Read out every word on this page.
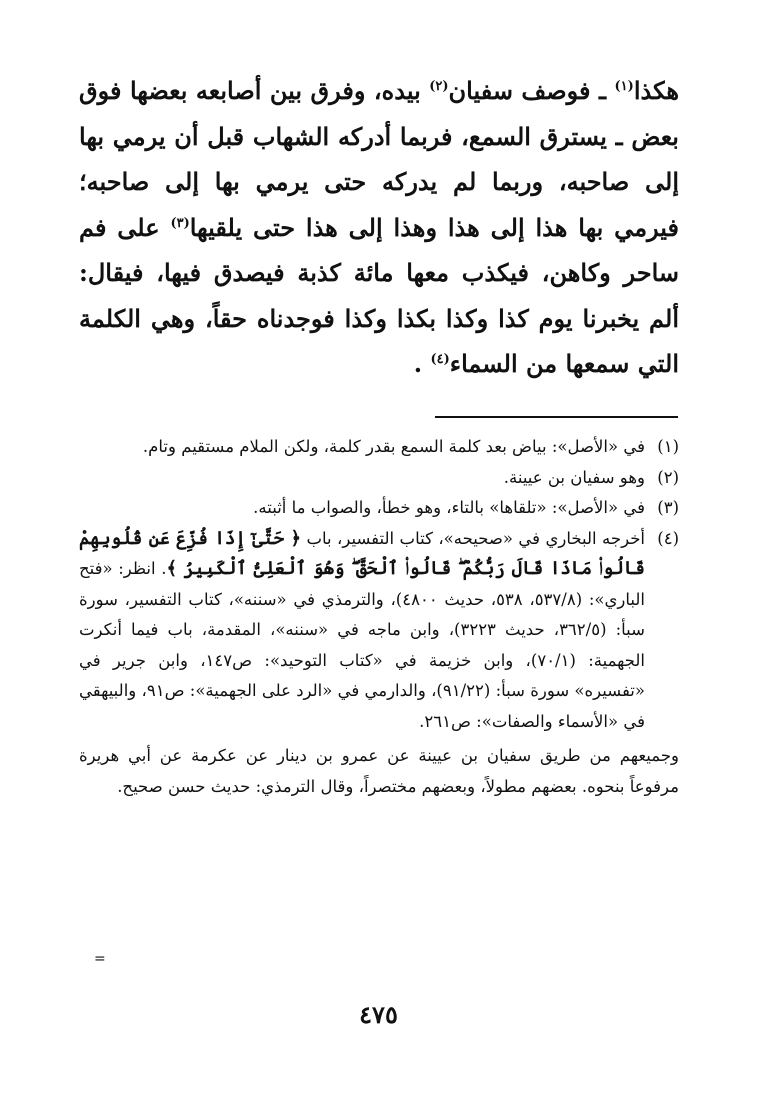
هكذا$^{(١)}$ ـ فوصف سفيان$^{(٢)}$ بيده، وفرق بين أصابعه بعضها فوق بعض ـ يسترق السمع، فربما أدركه الشهاب قبل أن يرمي بها إلى صاحبه، وربما لم يدركه حتى يرمي بها إلى صاحبه؛ فيرمي بها هذا إلى هذا وهذا إلى هذا حتى يلقيها$^{(٣)}$ على فم ساحر وكاهن، فيكذب معها مائة كذبة فيصدق فيها، فيقال: ألم يخبرنا يوم كذا وكذا بكذا وكذا فوجدناه حقاً، وهي الكلمة التي سمعها من السماء$^{(٤)}$ .

(١)

في «الأصل»: بياض بعد كلمة السمع بقدر كلمة، ولكن الملام مستقيم وتام.

(٢)

وهو سفيان بن عيينة.

(٣)

في «الأصل»: «تلقاها» بالتاء، وهو خطأ، والصواب ما أثبته.

(٤)

أخرجه البخاري في «صحيحه»، كتاب التفسير، باب ﴿ حَتَّىٰٓ إِذَا فُزِّعَ عَن قُلُوبِهِمْ قَالُوا۟ مَاذَا قَالَ رَبُّكُمْ ۖ قَالُوا۟ ٱلْحَقَّ ۖ وَهُوَ ٱلْعَلِىُّ ٱلْكَبِيرُ ﴾. انظر: «فتح الباري»: (٥٣٧/٨، ٥٣٨، حديث ٤٨٠٠)، والترمذي في «سننه»، كتاب التفسير، سورة سبأ: (٣٦٢/٥، حديث ٣٢٢٣)، وابن ماجه في «سننه»، المقدمة، باب فيما أنكرت الجهمية: (٧٠/١)، وابن خزيمة في «كتاب التوحيد»: ص١٤٧، وابن جرير في «تفسيره» سورة سبأ: (٩١/٢٢)، والدارمي في «الرد على الجهمية»: ص٩١، والبيهقي في «الأسماء والصفات»: ص٢٦١.

وجميعهم من طريق سفيان بن عيينة عن عمرو بن دينار عن عكرمة عن أبي هريرة مرفوعاً بنحوه. بعضهم مطولاً، وبعضهم مختصراً، وقال الترمذي: حديث حسن صحيح.

=
٤٧٥
